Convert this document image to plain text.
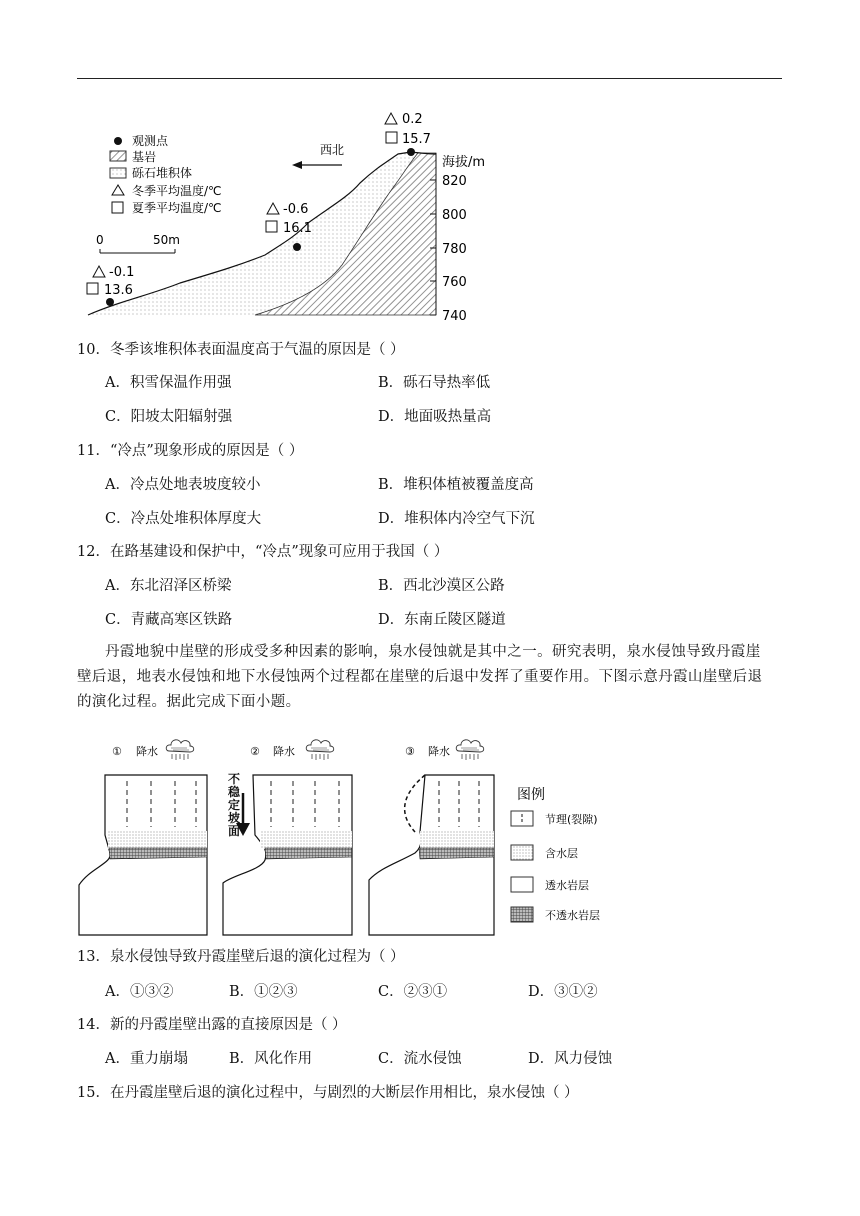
海拔/m
820
800
780
760
740
-0.1
13.6
-0.6
16.1
0.2
15.7
西北
0	50m
观测点
基岩
砾石堆积体
冬季平均温度/℃
夏季平均温度/℃
10．冬季该堆积体表面温度高于气温的原因是（ ）
A．积雪保温作用强	B．砾石导热率低
C．阳坡太阳辐射强	D．地面吸热量高
11．“冷点”现象形成的原因是（ ）
A．冷点处地表坡度较小	B．堆积体植被覆盖度高
C．冷点处堆积体厚度大	D．堆积体内冷空气下沉
12．在路基建设和保护中，“冷点”现象可应用于我国（ ）
A．东北沼泽区桥梁	B．西北沙漠区公路
C．青藏高寒区铁路	D．东南丘陵区隧道

丹霞地貌中崖壁的形成受多种因素的影响，泉水侵蚀就是其中之一。研究表明，泉水侵蚀导致丹霞崖

壁后退，地表水侵蚀和地下水侵蚀两个过程都在崖壁的后退中发挥了重要作用。下图示意丹霞山崖壁后退

的演化过程。据此完成下面小题。

① 降水	② 降水	③ 降水
图例
节理(裂隙)
含水层
透水岩层
不透水岩层
不稳定坡面
13．泉水侵蚀导致丹霞崖壁后退的演化过程为（ ）
A．①③②	B．①②③	C．②③①	D．③①②
14．新的丹霞崖壁出露的直接原因是（ ）
A．重力崩塌	B．风化作用	C．流水侵蚀	D．风力侵蚀
15．在丹霞崖壁后退的演化过程中，与剧烈的大断层作用相比，泉水侵蚀（ ）
